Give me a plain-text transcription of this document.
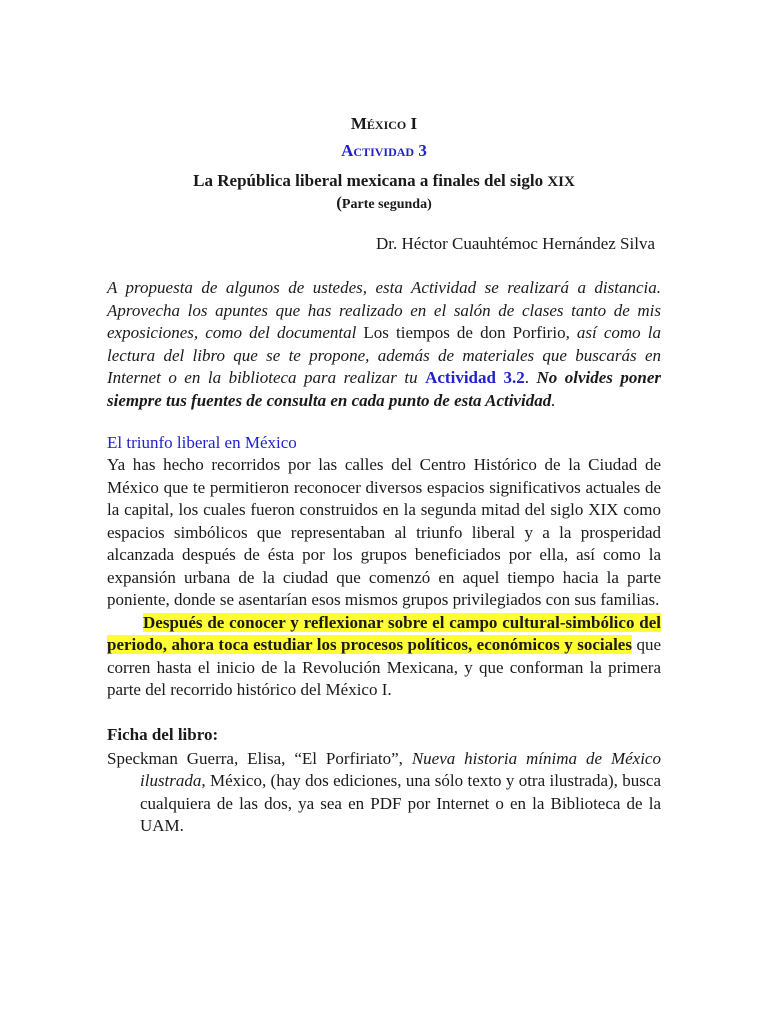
México I

Actividad 3

La República liberal mexicana a finales del siglo XIX

(Parte segunda)

Dr. Héctor Cuauhtémoc Hernández Silva

A propuesta de algunos de ustedes, esta Actividad se realizará a distancia. Aprovecha los apuntes que has realizado en el salón de clases tanto de mis exposiciones, como del documental Los tiempos de don Porfirio, así como la lectura del libro que se te propone, además de materiales que buscarás en Internet o en la biblioteca para realizar tu Actividad 3.2. No olvides poner siempre tus fuentes de consulta en cada punto de esta Actividad.

El triunfo liberal en México

Ya has hecho recorridos por las calles del Centro Histórico de la Ciudad de México que te permitieron reconocer diversos espacios significativos actuales de la capital, los cuales fueron construidos en la segunda mitad del siglo XIX como espacios simbólicos que representaban al triunfo liberal y a la prosperidad alcanzada después de ésta por los grupos beneficiados por ella, así como la expansión urbana de la ciudad que comenzó en aquel tiempo hacia la parte poniente, donde se asentarían esos mismos grupos privilegiados con sus familias.

Después de conocer y reflexionar sobre el campo cultural-simbólico del periodo, ahora toca estudiar los procesos políticos, económicos y sociales que corren hasta el inicio de la Revolución Mexicana, y que conforman la primera parte del recorrido histórico del México I.

Ficha del libro:

Speckman Guerra, Elisa, “El Porfiriato”, Nueva historia mínima de México ilustrada, México, (hay dos ediciones, una sólo texto y otra ilustrada), busca cualquiera de las dos, ya sea en PDF por Internet o en la Biblioteca de la UAM.
